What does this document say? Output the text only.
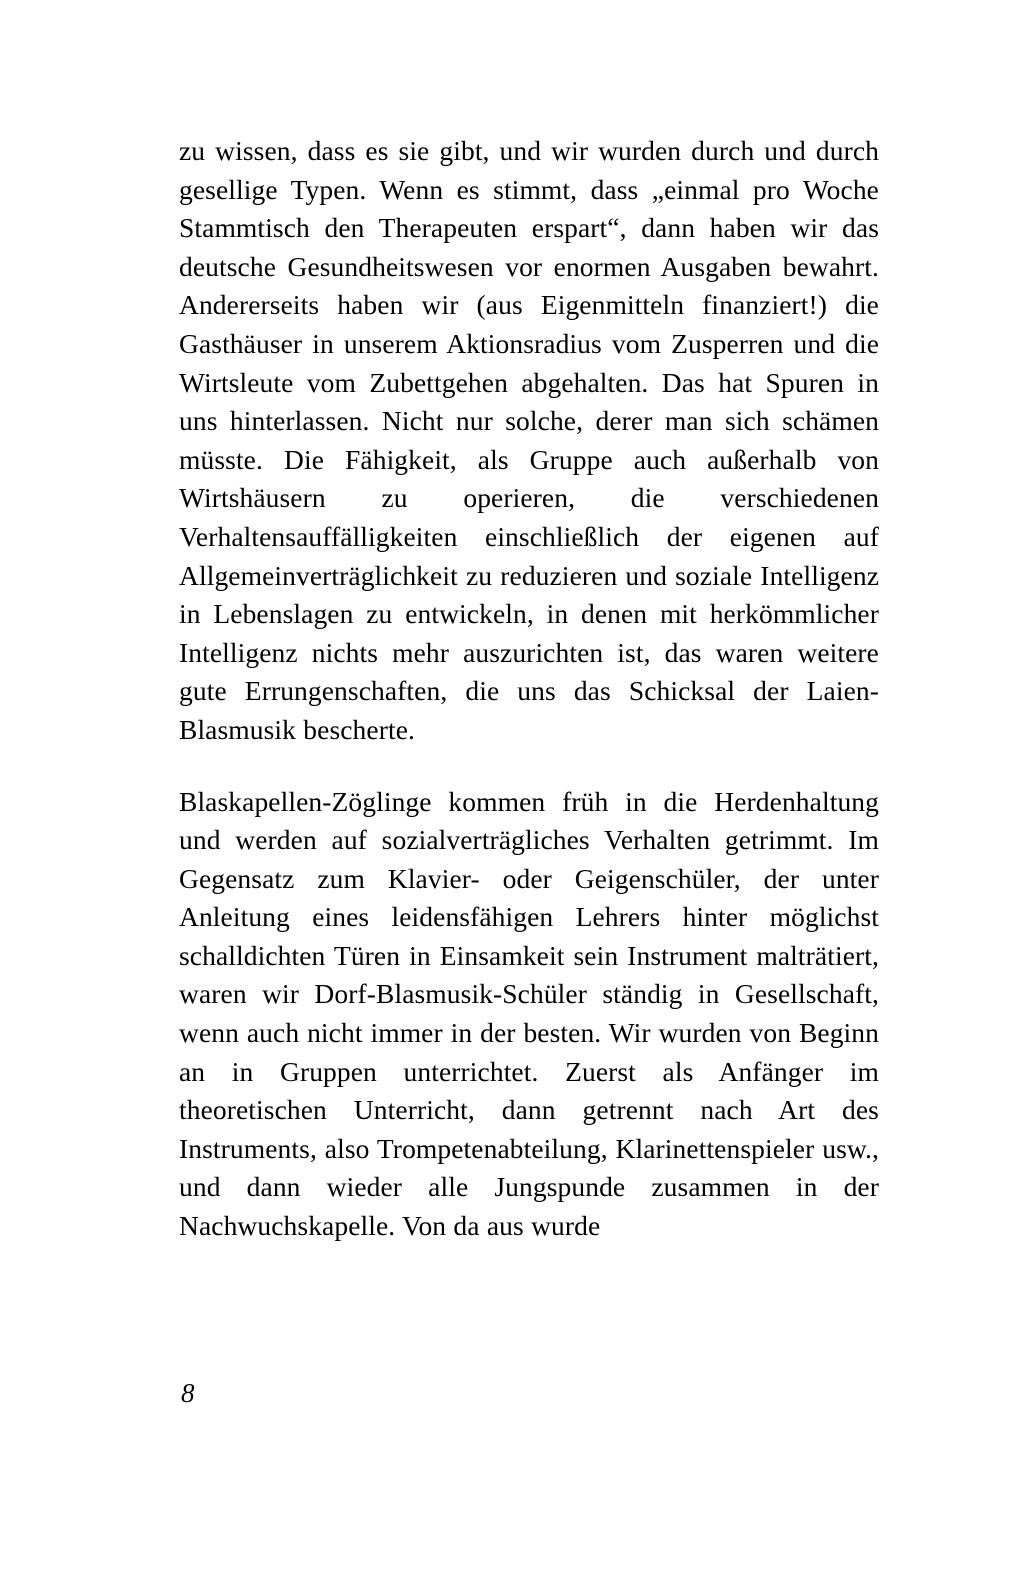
zu wissen, dass es sie gibt, und wir wurden durch und durch gesellige Typen. Wenn es stimmt, dass „einmal pro Woche Stammtisch den Therapeuten erspart“, dann haben wir das deutsche Gesundheitswesen vor enormen Ausgaben bewahrt. Andererseits haben wir (aus Eigenmitteln finanziert!) die Gasthäuser in unserem Aktionsradius vom Zusperren und die Wirtsleute vom Zubettgehen abgehalten. Das hat Spuren in uns hinterlassen. Nicht nur solche, derer man sich schämen müsste. Die Fähigkeit, als Gruppe auch außerhalb von Wirtshäusern zu operieren, die verschiedenen Verhaltensauffälligkeiten einschließlich der eigenen auf Allgemeinverträglichkeit zu reduzieren und soziale Intelligenz in Lebenslagen zu entwickeln, in denen mit herkömmlicher Intelligenz nichts mehr auszurichten ist, das waren weitere gute Errungenschaften, die uns das Schicksal der Laien-Blasmusik bescherte.

Blaskapellen-Zöglinge kommen früh in die Herdenhaltung und werden auf sozialverträgliches Verhalten getrimmt. Im Gegensatz zum Klavier- oder Geigenschüler, der unter Anleitung eines leidensfähigen Lehrers hinter möglichst schalldichten Türen in Einsamkeit sein Instrument malträtiert, waren wir Dorf-Blasmusik-Schüler ständig in Gesellschaft, wenn auch nicht immer in der besten. Wir wurden von Beginn an in Gruppen unterrichtet. Zuerst als Anfänger im theoretischen Unterricht, dann getrennt nach Art des Instruments, also Trompetenabteilung, Klarinettenspieler usw., und dann wieder alle Jungspunde zusammen in der Nachwuchskapelle. Von da aus wurde

8
